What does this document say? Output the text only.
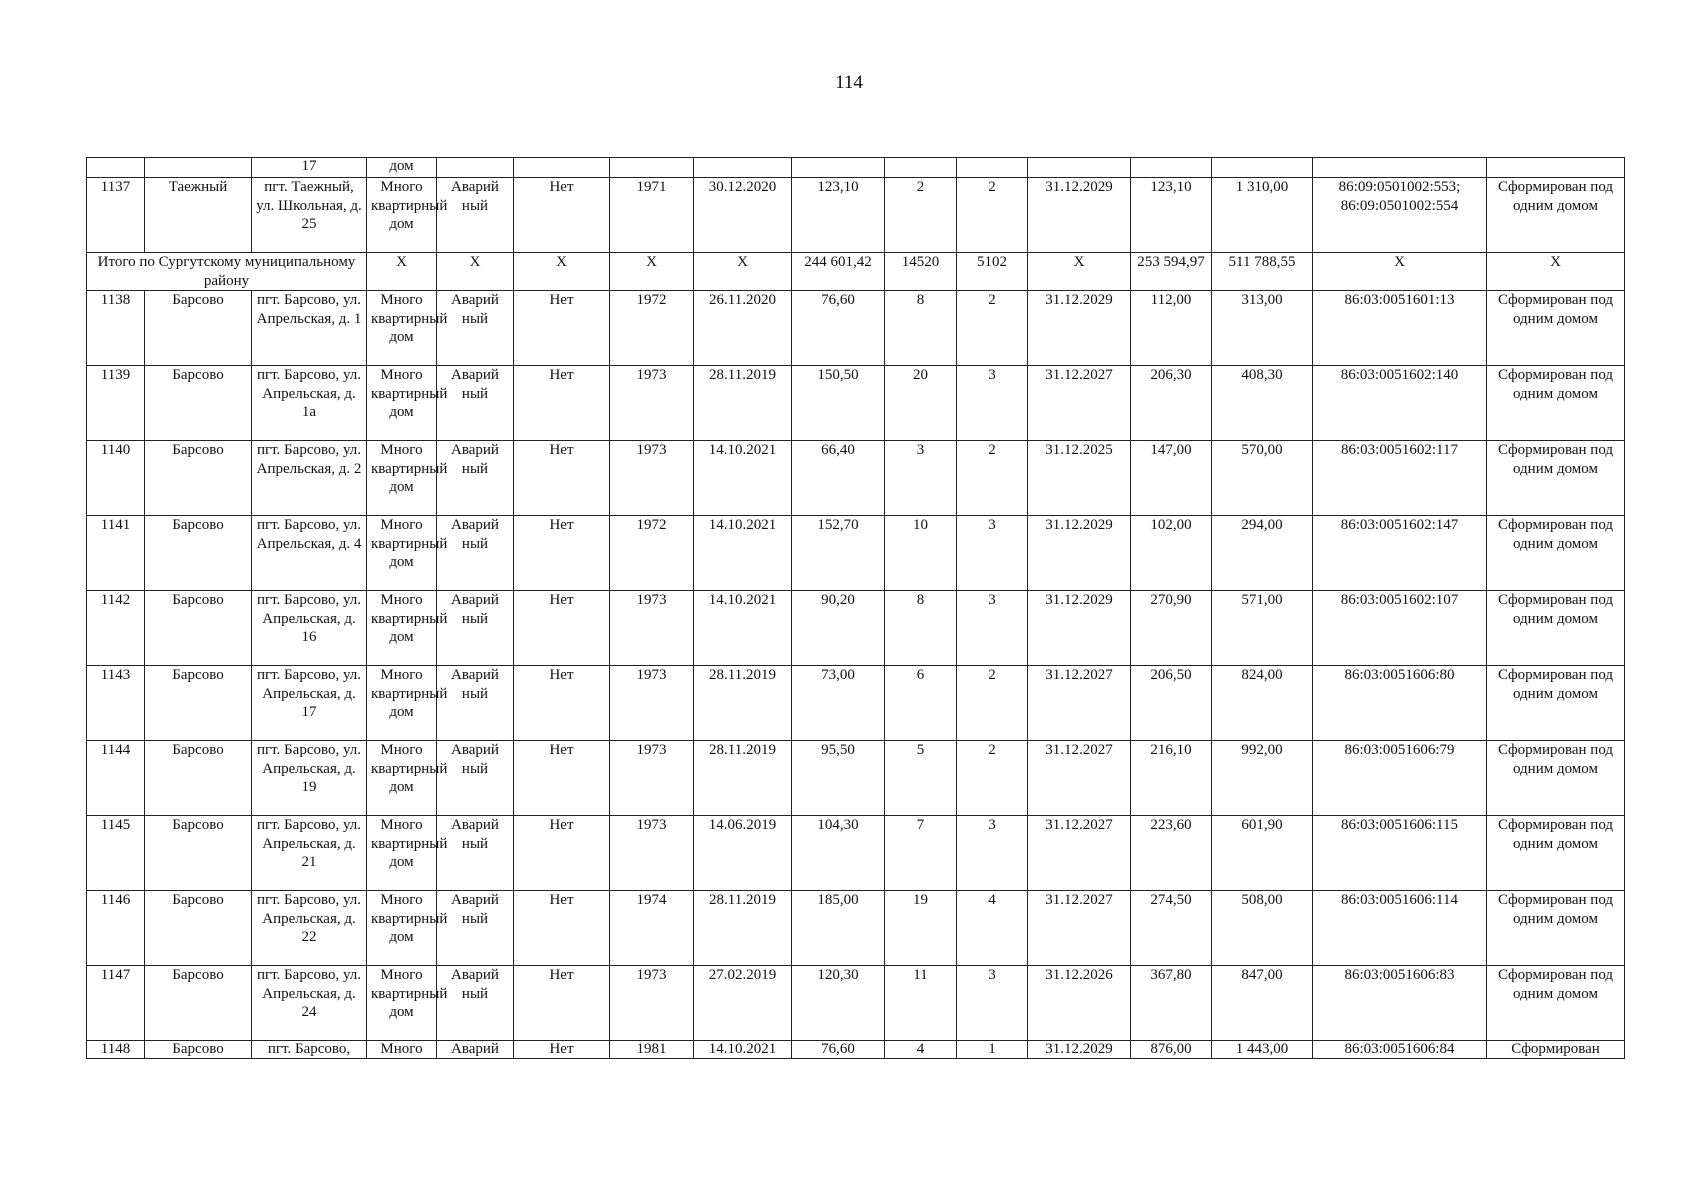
114
		17	дом												
1137	Таежный	пгт. Таежный, ул. Школьная, д. 25	Много квартирный дом	Аварий ный	Нет	1971	30.12.2020	123,10	2	2	31.12.2029	123,10	1 310,00	86:09:0501002:553; 86:09:0501002:554	Сформирован под одним домом
Итого по Сургутскому муниципальному району			X	X	X	X	X	244 601,42	14520	5102	X	253 594,97	511 788,55	X	X
1138	Барсово	пгт. Барсово, ул. Апрельская, д. 1	Много квартирный дом	Аварий ный	Нет	1972	26.11.2020	76,60	8	2	31.12.2029	112,00	313,00	86:03:0051601:13	Сформирован под одним домом
1139	Барсово	пгт. Барсово, ул. Апрельская, д. 1а	Много квартирный дом	Аварий ный	Нет	1973	28.11.2019	150,50	20	3	31.12.2027	206,30	408,30	86:03:0051602:140	Сформирован под одним домом
1140	Барсово	пгт. Барсово, ул. Апрельская, д. 2	Много квартирный дом	Аварий ный	Нет	1973	14.10.2021	66,40	3	2	31.12.2025	147,00	570,00	86:03:0051602:117	Сформирован под одним домом
1141	Барсово	пгт. Барсово, ул. Апрельская, д. 4	Много квартирный дом	Аварий ный	Нет	1972	14.10.2021	152,70	10	3	31.12.2029	102,00	294,00	86:03:0051602:147	Сформирован под одним домом
1142	Барсово	пгт. Барсово, ул. Апрельская, д. 16	Много квартирный дом	Аварий ный	Нет	1973	14.10.2021	90,20	8	3	31.12.2029	270,90	571,00	86:03:0051602:107	Сформирован под одним домом
1143	Барсово	пгт. Барсово, ул. Апрельская, д. 17	Много квартирный дом	Аварий ный	Нет	1973	28.11.2019	73,00	6	2	31.12.2027	206,50	824,00	86:03:0051606:80	Сформирован под одним домом
1144	Барсово	пгт. Барсово, ул. Апрельская, д. 19	Много квартирный дом	Аварий ный	Нет	1973	28.11.2019	95,50	5	2	31.12.2027	216,10	992,00	86:03:0051606:79	Сформирован под одним домом
1145	Барсово	пгт. Барсово, ул. Апрельская, д. 21	Много квартирный дом	Аварий ный	Нет	1973	14.06.2019	104,30	7	3	31.12.2027	223,60	601,90	86:03:0051606:115	Сформирован под одним домом
1146	Барсово	пгт. Барсово, ул. Апрельская, д. 22	Много квартирный дом	Аварий ный	Нет	1974	28.11.2019	185,00	19	4	31.12.2027	274,50	508,00	86:03:0051606:114	Сформирован под одним домом
1147	Барсово	пгт. Барсово, ул. Апрельская, д. 24	Много квартирный дом	Аварий ный	Нет	1973	27.02.2019	120,30	11	3	31.12.2026	367,80	847,00	86:03:0051606:83	Сформирован под одним домом
1148	Барсово	пгт. Барсово,	Много	Аварий	Нет	1981	14.10.2021	76,60	4	1	31.12.2029	876,00	1 443,00	86:03:0051606:84	Сформирован
